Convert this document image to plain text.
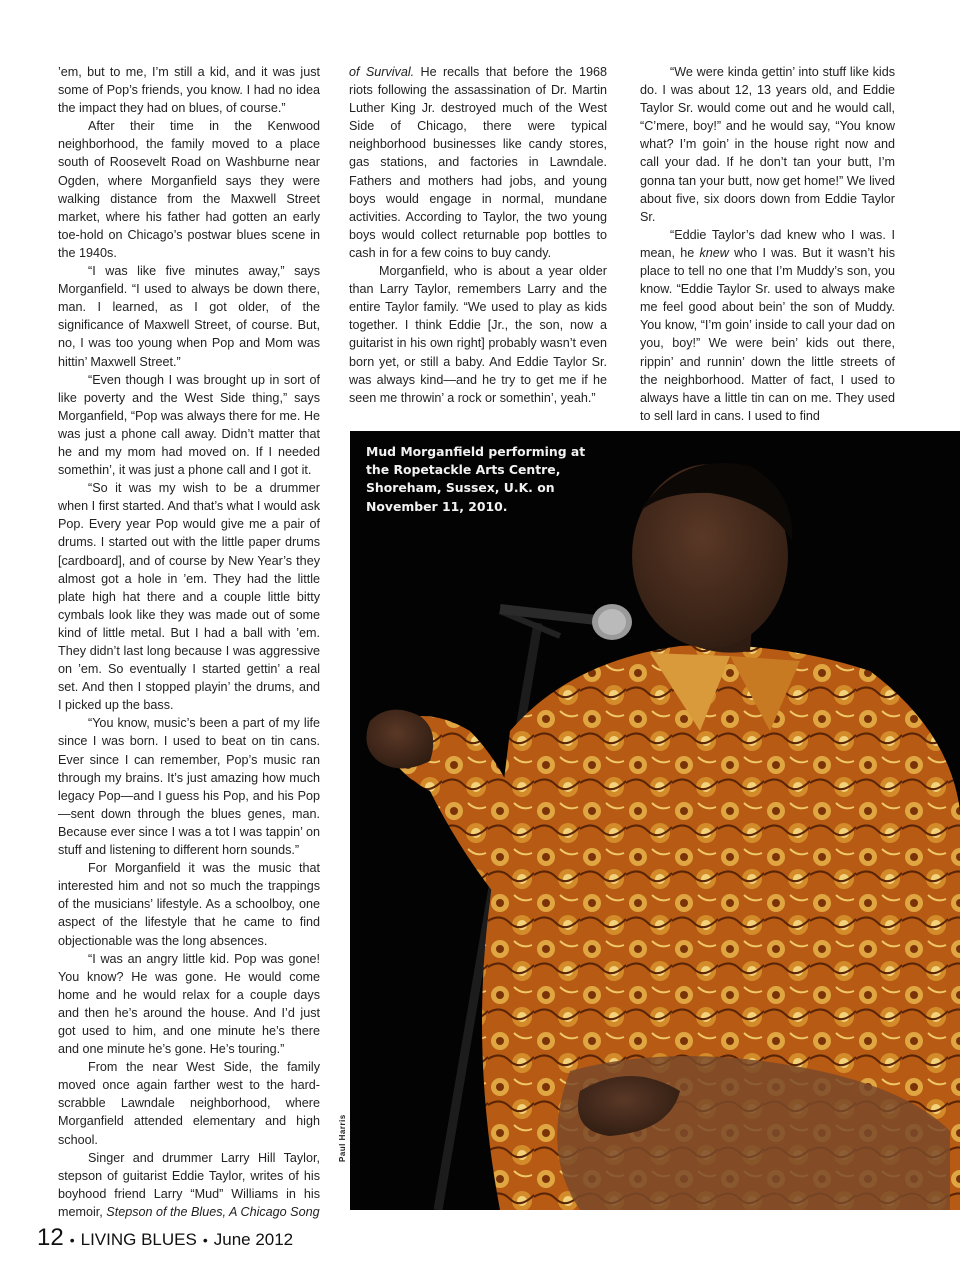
’em, but to me, I’m still a kid, and it was just some of Pop’s friends, you know. I had no idea the impact they had on blues, of course.”

After their time in the Kenwood neighborhood, the family moved to a place south of Roosevelt Road on Washburne near Ogden, where Morganfield says they were walking distance from the Maxwell Street market, where his father had gotten an early toe-hold on Chicago’s postwar blues scene in the 1940s.

“I was like five minutes away,” says Morganfield. “I used to always be down there, man. I learned, as I got older, of the significance of Maxwell Street, of course. But, no, I was too young when Pop and Mom was hittin’ Maxwell Street.”

“Even though I was brought up in sort of like poverty and the West Side thing,” says Morganfield, “Pop was always there for me. He was just a phone call away. Didn’t matter that he and my mom had moved on. If I needed somethin’, it was just a phone call and I got it.

“So it was my wish to be a drummer when I first started. And that’s what I would ask Pop. Every year Pop would give me a pair of drums. I started out with the little paper drums [cardboard], and of course by New Year’s they almost got a hole in ’em. They had the little plate high hat there and a couple little bitty cymbals look like they was made out of some kind of little metal. But I had a ball with ’em. They didn’t last long because I was aggressive on ’em. So eventually I started gettin’ a real set. And then I stopped playin’ the drums, and I picked up the bass.

“You know, music’s been a part of my life since I was born. I used to beat on tin cans. Ever since I can remember, Pop’s music ran through my brains. It’s just amazing how much legacy Pop—and I guess his Pop, and his Pop—sent down through the blues genes, man. Because ever since I was a tot I was tappin’ on stuff and listening to different horn sounds.”

For Morganfield it was the music that interested him and not so much the trappings of the musicians’ lifestyle. As a schoolboy, one aspect of the lifestyle that he came to find objectionable was the long absences.

“I was an angry little kid. Pop was gone! You know? He was gone. He would come home and he would relax for a couple days and then he’s around the house. And I’d just got used to him, and one minute he’s there and one minute he’s gone. He’s touring.”

From the near West Side, the family moved once again farther west to the hard-scrabble Lawndale neighborhood, where Morganfield attended elementary and high school.

Singer and drummer Larry Hill Taylor, stepson of guitarist Eddie Taylor, writes of his boyhood friend Larry “Mud” Williams in his memoir, Stepson of the Blues, A Chicago Song

of Survival. He recalls that before the 1968 riots following the assassination of Dr. Martin Luther King Jr. destroyed much of the West Side of Chicago, there were typical neighborhood businesses like candy stores, gas stations, and factories in Lawndale. Fathers and mothers had jobs, and young boys would engage in normal, mundane activities. According to Taylor, the two young boys would collect returnable pop bottles to cash in for a few coins to buy candy.

Morganfield, who is about a year older than Larry Taylor, remembers Larry and the entire Taylor family. “We used to play as kids together. I think Eddie [Jr., the son, now a guitarist in his own right] probably wasn’t even born yet, or still a baby. And Eddie Taylor Sr. was always kind—and he try to get me if he seen me throwin’ a rock or somethin’, yeah.”

“We were kinda gettin’ into stuff like kids do. I was about 12, 13 years old, and Eddie Taylor Sr. would come out and he would call, “C’mere, boy!” and he would say, “You know what? I’m goin’ in the house right now and call your dad. If he don’t tan your butt, I’m gonna tan your butt, now get home!” We lived about five, six doors down from Eddie Taylor Sr.

“Eddie Taylor’s dad knew who I was. I mean, he knew who I was. But it wasn’t his place to tell no one that I’m Muddy’s son, you know. “Eddie Taylor Sr. used to always make me feel good about bein’ the son of Muddy. You know, “I’m goin’ inside to call your dad on you, boy!” We were bein’ kids out there, rippin’ and runnin’ down the little streets of the neighborhood. Matter of fact, I used to always have a little tin can on me. They used to sell lard in cans. I used to find

Mud Morganfield performing at the Ropetackle Arts Centre, Shoreham, Sussex, U.K. on November 11, 2010.
Paul Harris
12 • LIVING BLUES • June 2012
